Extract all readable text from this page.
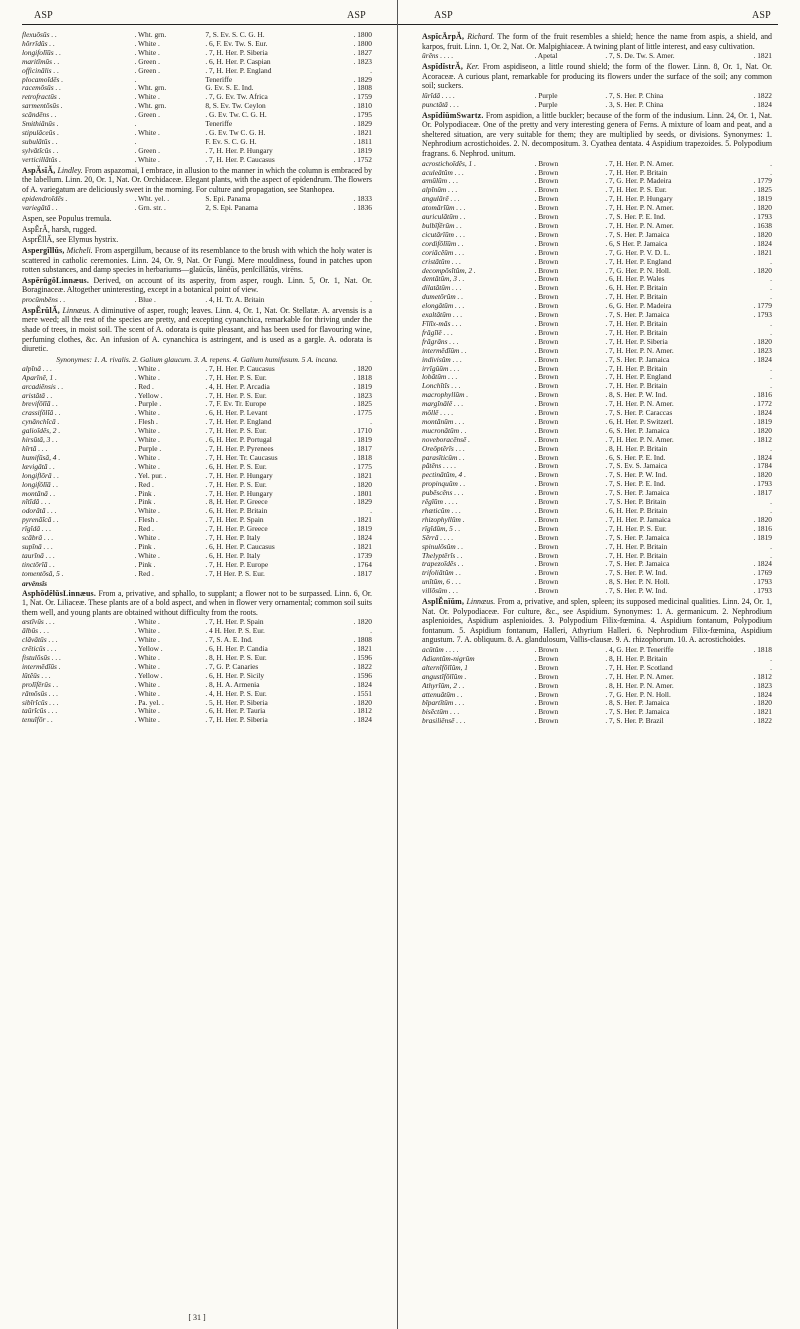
ASP	ASP	ASP	ASP
flexuōsūs . .	. Wht. grn.	7, S. Ev. S. C. G. H.	. 1800
hŏrrĭdŭs . .	. White .	. 6, F. Ev. Tw. S. Eur.	. 1800
longifolĭūs . .	. White .	. 7, H. Her. P. Siberia	. 1827
maritĭmūs . .	. Green .	. 6, H. Her. P. Caspian	. 1823
officinālis . .	. Green .	. 7, H. Her. P. England	.
plocamoīdēs .	.	Teneriffe	. 1829
racemōsūs . .	. Wht. grn.	G. Ev. S. E. Ind.	. 1808
retrofractūs .	. White .	. 7, G. Ev. Tw. Africa	. 1759
sarmentōsūs .	. Wht. grn.	8, S. Ev. Tw. Ceylon	. 1810
scăndēns . .	. Green .	. G. Ev. Tw. C. G. H.	. 1795
Smithiānŭs .	.	Teneriffe	. 1829
stipulāceūs .	. White .	. G. Ev. Tw C. G. H.	. 1821
subulātūs . .	.	F. Ev. S. C. G. H.	. 1811
sylvātĭcūs . .	. Green .	. 7, H. Her. P. Hungary	. 1819
verticillātŭs .	. White .	. 7, H. Her. P. Caucasus	. 1752

AspĂsĭĂ, Lindley. From aspazomai, I embrace, in allusion to the manner in which the column is embraced by the labellum. Linn. 20, Or. 1, Nat. Or. Orchidaceæ. Elegant plants, with the aspect of epidendrum. The flowers of A. variegatum are deliciously sweet in the morning. For culture and propagation, see Stanhopea.

epidendroīdēs .	. Wht. yel. .	S. Epi. Panama	. 1833
variegātā . .	. Grn. str. .	2, S. Epi. Panama	. 1836

Aspen, see Populus tremula.

AspĔrĂ, harsh, rugged.

AsprĔllĂ, see Elymus hystrix.

Aspergĭllŭs, Micheli. From aspergillum, because of its resemblance to the brush with which the holy water is scattered in catholic ceremonies. Linn. 24, Or. 9, Nat. Or Fungi. Mere mouldiness, found in patches upon rotten substances, and damp species in herbariums—glaūcūs, lānĕūs, penĭcillātŭs, virēns.

AspĕrūgŏLinnæus. Derived, on account of its asperity, from asper, rough. Linn. 5, Or. 1, Nat. Or. Boraginaceæ. Altogether uninteresting, except in a botanical point of view.

procŭmbēns . .	. Blue .	. 4, H. Tr. A. Britain	.

AspĔrŭlĂ, Linnæus. A diminutive of asper, rough; leaves. Linn. 4, Or. 1, Nat. Or. Stellatæ. A. arvensis is a mere weed; all the rest of the species are pretty, and excepting cynanchica, remarkable for thriving under the shade of trees, in moist soil. The scent of A. odorata is quite pleasant, and has been used for flavouring wine, perfuming clothes, &c. An infusion of A. cynanchica is astringent, and is used as a gargle. A. odorata is diuretic.

Synonymes: 1. A. rivalis. 2. Galium glaucum. 3. A. repens. 4. Galium humifusum. 5 A. incana.

alpīnā . . .	. White .	. 7, H. Her. P. Caucasus	. 1820
Aparīnē, 1 .	. White .	. 7, H. Her. P. S. Eur.	. 1818
arcadiēnsis . .	. Red .	. 4, H. Her. P. Arcadia	. 1819
aristātā . .	. Yellow .	. 7, H. Her. P. S. Eur.	. 1823
brevifōlĭā . .	. Purple .	. 7, F. Ev. Tr. Europe	. 1825
crassifōlĭā . .	. White .	. 6, H. Her. P. Levant	. 1775
cynănchĭcā .	. Flesh .	. 7, H. Her. P. England	.
galioīdēs, 2 .	. White .	. 7, H. Her. P. S. Eur.	. 1710
hirsūtā, 3 . .	. White .	. 6, H. Her. P. Portugal	. 1819
hīrtā . . .	. Purple .	. 7, H. Her. P. Pyrenees	. 1817
humifūsā, 4 .	. White .	. 7, H. Her. Tr. Caucasus	. 1818
lævigātā . .	. White .	. 6, H. Her. P. S. Eur.	. 1775
longiflōrā . .	. Yel. pur. .	. 7, H. Her. P. Hungary	. 1821
longifōlĭā . .	. Red .	. 7, H. Her. P. S. Eur.	. 1820
montānā . .	. Pink .	. 7, H. Her. P. Hungary	. 1801
nĭtĭdā . . .	. Pink .	. 8, H. Her. P. Greece	. 1829
odorātā . . .	. White .	. 6, H. Her. P. Britain	.
pyrenāĭcā . .	. Flesh .	. 7, H. Her. P. Spain	. 1821
rĭgĭdā . . .	. Red .	. 7, H. Her. P. Greece	. 1819
scābrā . . .	. White .	. 7, H. Her. P. Italy	. 1824
supīnā . . .	. Pink .	. 6, H. Her. P. Caucasus	. 1821
taurīnā . . .	. White .	. 6, H. Her. P. Italy	. 1739
tinctōrĭā . .	. Pink .	. 7, H. Her. P. Europe	. 1764
tomentōsā, 5 .	. Red .	. 7, H Her. P. S. Eur.	. 1817

arvēnsĭs

AsphŏdĕlŭsLinnæus. From a, privative, and sphallo, to supplant; a flower not to be surpassed. Linn. 6, Or. 1, Nat. Or. Liliaceæ. These plants are of a bold aspect, and when in flower very ornamental; common soil suits them well, and young plants are obtained without difficulty from the roots.

æstīvūs . . .	. White .	. 7, H. Her. P. Spain	. 1820
ālbūs . . .	. White .	. 4 H. Her. P. S. Eur.	.
clāvātūs . . .	. White .	. 7, S. A. E. Ind.	. 1808
crēticūs . . .	. Yellow .	. 6, H. Her. P. Candia	. 1821
fistulōsūs . . .	. White .	. 8, H. Her. P. S. Eur.	. 1596
intermĕdĭūs .	. White .	. 7, G. P. Canaries	. 1822
lūtĕūs . . .	. Yellow .	. 6, H. Her. P. Sicily	. 1596
prolĭfĕrūs . .	. White .	. 8, H. A. Armenia	. 1824
rāmōsūs . . .	. White .	. 4, H. Her. P. S. Eur.	. 1551
sibīrĭcūs . . .	. Pa. yel. .	. 5, H. Her. P. Siberia	. 1820
taūrĭcūs . . .	. White .	. 6, H. Her. P. Tauria	. 1812
tenuĭfōr . .	. White .	. 7, H. Her. P. Siberia	. 1824

AspĭcĀrpĂ, Richard. The form of the fruit resembles a shield; hence the name from aspis, a shield, and karpos, fruit. Linn. 1, Or. 2, Nat. Or. Malpighiaceæ. A twining plant of little interest, and easy cultivation.

ūrēns . . . .	. Apetal	. 7, S. De. Tw. S. Amer.	. 1821

AspĭdĭstrĂ, Ker. From aspidiseon, a little round shield; the form of the flower. Linn. 8, Or. 1, Nat. Or. Acoraceæ. A curious plant, remarkable for producing its flowers under the surface of the soil; any common soil; suckers.

lūrĭdā . . . .	. Purple	. 7, S. Her. P. China	. 1822
punctātā . . .	. Purple	. 3, S. Her. P. China	. 1824

AspĭdĭŭmSwartz. From aspidion, a little buckler; because of the form of the indusium. Linn. 24, Or. 1, Nat. Or. Polypodiaceæ. One of the pretty and very interesting genera of Ferns. A mixture of loam and peat, and a sheltered situation, are very suitable for them; they are multiplied by seeds, or divisions. Synonymes: 1. Nephrodium acrostichoides. 2. N. decompositum. 3. Cyathea dentata. 4 Aspidium trapezoides. 5. Polypodium fragrans. 6. Nephrod. unitum.

acrostichoīdēs, 1 .	. Brown	. 7, H. Her. P. N. Amer.	.
aculeātŭm . . .	. Brown	. 7, H. Her. P. Britain	.
æmūlŭm . . .	. Brown	. 7, G. Her. P. Madeira	. 1779
alpīnŭm . . .	. Brown	. 7, H. Her. P. S. Eur.	. 1825
angulārē . . .	. Brown	. 7, H. Her. P. Hungary	. 1819
atomārĭŭm . . .	. Brown	. 7, H. Her. P. N. Amer.	. 1820
auriculātŭm . .	. Brown	. 7, S. Her. P. E. Ind.	. 1793
bulbĭfĕrŭm . .	. Brown	. 7, H. Her. P. N. Amer.	. 1638
cicutārĭŭm . . .	. Brown	. 7, S. Her. P. Jamaica	. 1820
cordifōlĭŭm . .	. Brown	. 6, S Her. P. Jamaica	. 1824
coriācĕŭm . . .	. Brown	. 7, G. Her. P. V. D. L.	. 1821
cristātŭm . . .	. Brown	. 7, H. Her. P. England	.
decompŏsĭtŭm, 2 .	. Brown	. 7, G. Her. P. N. Holl.	. 1820
dentātŭm, 3 . .	. Brown	. 6, H. Her. P. Wales	.
dilatātŭm . . .	. Brown	. 6, H. Her. P. Britain	.
dumetōrŭm . .	. Brown	. 7, H. Her. P. Britain	.
elongātŭm . . .	. Brown	. 6, G. Her. P. Madeira	. 1779
exaltātŭm . . .	. Brown	. 7, S. Her. P. Jamaica	. 1793
Fīlĭx-mās . . .	. Brown	. 7, H. Her. P. Britain	.
frăgĭlĕ . . .	. Brown	. 7, H. Her. P. Britain	.
frāgrāns . . .	. Brown	. 7, H. Her. P. Siberia	. 1820
intermĕdĭŭm . .	. Brown	. 7, H. Her. P. N. Amer.	. 1823
indivisŭm . . .	. Brown	. 7, S. Her. P. Jamaica	. 1824
irrĭgŭŭm . . .	. Brown	. 7, H. Her. P. Britain	.
lobātŭm . . .	. Brown	. 7, H. Her. P. England	.
Lonchītĭs . . .	. Brown	. 7, H. Her. P. Britain	.
macrophyllŭm .	. Brown	. 8, S. Her. P. W. Ind.	. 1816
margĭnālē . . .	. Brown	. 7, H. Her. P. N. Amer.	. 1772
mōllē . . . .	. Brown	. 7, S. Her. P. Caraccas	. 1824
montānŭm . . .	. Brown	. 6, H. Her. P. Switzerl.	. 1819
mucronātŭm . .	. Brown	. 6, S. Her. P. Jamaica	. 1820
noveboracēnsē .	. Brown	. 7, H. Her. P. N. Amer.	. 1812
Oreŏptĕrĭs . . .	. Brown	. 8, H. Her. P. Britain	.
parasīticŭm . .	. Brown	. 6, S. Her. P. E. Ind.	. 1824
pătēns . . . .	. Brown	. 7, S. Ev. S. Jamaica	. 1784
pectinātŭm, 4 .	. Brown	. 7, S. Her. P. W. Ind.	. 1820
propinquŭm . .	. Brown	. 7, S. Her. P. E. Ind.	. 1793
pubēscēns . . .	. Brown	. 7, S. Her. P. Jamaica	. 1817
rēgĭŭm . . . .	. Brown	. 7, S. Her. P. Britain	.
rhæticŭm . . .	. Brown	. 6, H. Her. P. Britain	.
rhizophyllŭm .	. Brown	. 7, H. Her. P. Jamaica	. 1820
rĭgĭdŭm, 5 . .	. Brown	. 7, H. Her. P. S. Eur.	. 1816
Sērrā . . . .	. Brown	. 7, S. Her. P. Jamaica	. 1819
spinulōsŭm . .	. Brown	. 7, H. Her. P. Britain	.
Thelyptĕrĭs . .	. Brown	. 7, H. Her. P. Britain	.
trapezoīdēs . .	. Brown	. 7, S. Her. P. Jamaica	. 1824
trifoliātŭm . .	. Brown	. 7, S. Her. P. W. Ind.	. 1769
unītŭm, 6 . . .	. Brown	. 8, S. Her. P. N. Holl.	. 1793
villōsŭm . . .	. Brown	. 7, S. Her. P. W. Ind.	. 1793

AsplĔnĭŭm, Linnæus. From a, privative, and splen, spleen; its supposed medicinal qualities. Linn. 24, Or. 1, Nat. Or. Polypodiaceæ. For culture, &c., see Aspidium. Synonymes: 1. A. germanicum. 2. Nephrodium asplenioides, Aspidium asplenioides. 3. Polypodium Filix-fœmina. 4. Aspidium fontanum, Polypodium fontanum. 5. Aspidium fontanum, Halleri, Athyrium Halleri. 6. Nephrodium Filix-fœmina, Aspidium angustum. 7. A. obliquum. 8. A. glandulosum, Vallis-clausæ. 9. A. rhizophorum. 10. A. acrostichoides.

acūtŭm . . . .	. Brown	. 4, G. Her. P. Teneriffe	. 1818
Adiantŭm-nigrŭm	. Brown	. 8, H. Her. P. Britain	.
alternĭfōlĭŭm, 1	. Brown	. 7, H. Her. P. Scotland	.
angustĭfōlĭŭm .	. Brown	. 7, H. Her. P. N. Amer.	. 1812
Athyrĭŭm, 2 . .	. Brown	. 8, H. Her. P. N. Amer.	. 1823
attenuātŭm . .	. Brown	. 7, G. Her. P. N. Holl.	. 1824
bĭpartītŭm . . .	. Brown	. 8, S. Her. P. Jamaica	. 1820
bisēctŭm . . .	. Brown	. 7, S. Her. P. Jamaica	. 1821
brasiliēnsē . . .	. Brown	. 7, S. Her. P. Brazil	. 1822
[ 31 ]
